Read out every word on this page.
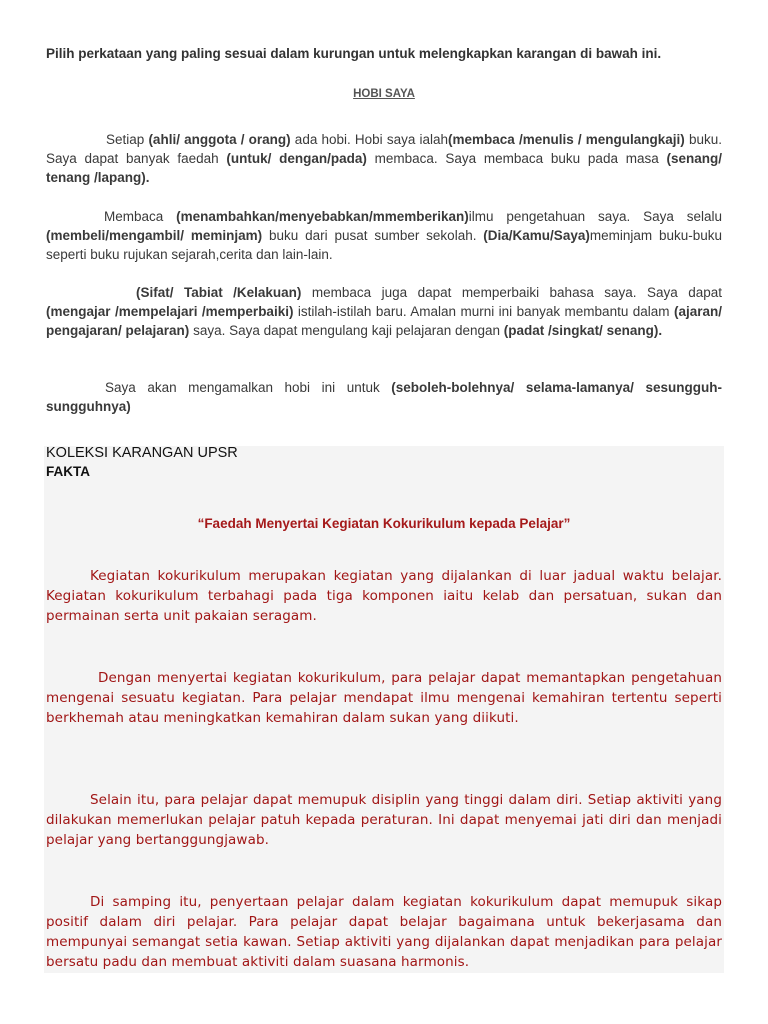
Pilih perkataan yang paling sesuai dalam kurungan untuk melengkapkan karangan di bawah ini.
HOBI SAYA
Setiap (ahli/ anggota / orang) ada hobi. Hobi saya ialah(membaca /menulis / mengulangkaji) buku. Saya dapat banyak faedah (untuk/ dengan/pada) membaca. Saya membaca buku pada masa (senang/ tenang /lapang).
Membaca (menambahkan/menyebabkan/mmemberikan)ilmu pengetahuan saya. Saya selalu (membeli/mengambil/ meminjam) buku dari pusat sumber sekolah. (Dia/Kamu/Saya)meminjam buku-buku seperti buku rujukan sejarah,cerita dan lain-lain.
(Sifat/ Tabiat /Kelakuan) membaca juga dapat memperbaiki bahasa saya. Saya dapat (mengajar /mempelajari /memperbaiki) istilah-istilah baru. Amalan murni ini banyak membantu dalam (ajaran/ pengajaran/ pelajaran) saya. Saya dapat mengulang kaji pelajaran dengan (padat /singkat/ senang).
Saya akan mengamalkan hobi ini untuk (seboleh-bolehnya/ selama-lamanya/ sesungguh-sungguhnya)
KOLEKSI KARANGAN UPSR
FAKTA
“Faedah Menyertai Kegiatan Kokurikulum kepada Pelajar”
Kegiatan kokurikulum merupakan kegiatan yang dijalankan di luar jadual waktu belajar. Kegiatan kokurikulum terbahagi pada tiga komponen iaitu kelab dan persatuan, sukan dan permainan serta unit pakaian seragam.
Dengan menyertai kegiatan kokurikulum, para pelajar dapat memantapkan pengetahuan mengenai sesuatu kegiatan. Para pelajar mendapat ilmu mengenai kemahiran tertentu seperti berkhemah atau meningkatkan kemahiran dalam sukan yang diikuti.
Selain itu, para pelajar dapat memupuk disiplin yang tinggi dalam diri. Setiap aktiviti yang dilakukan memerlukan pelajar patuh kepada peraturan. Ini dapat menyemai jati diri dan menjadi pelajar yang bertanggungjawab.
Di samping itu, penyertaan pelajar dalam kegiatan kokurikulum dapat memupuk sikap positif dalam diri pelajar. Para pelajar dapat belajar bagaimana untuk bekerjasama dan mempunyai semangat setia kawan. Setiap aktiviti yang dijalankan dapat menjadikan para pelajar bersatu padu dan membuat aktiviti dalam suasana harmonis.
